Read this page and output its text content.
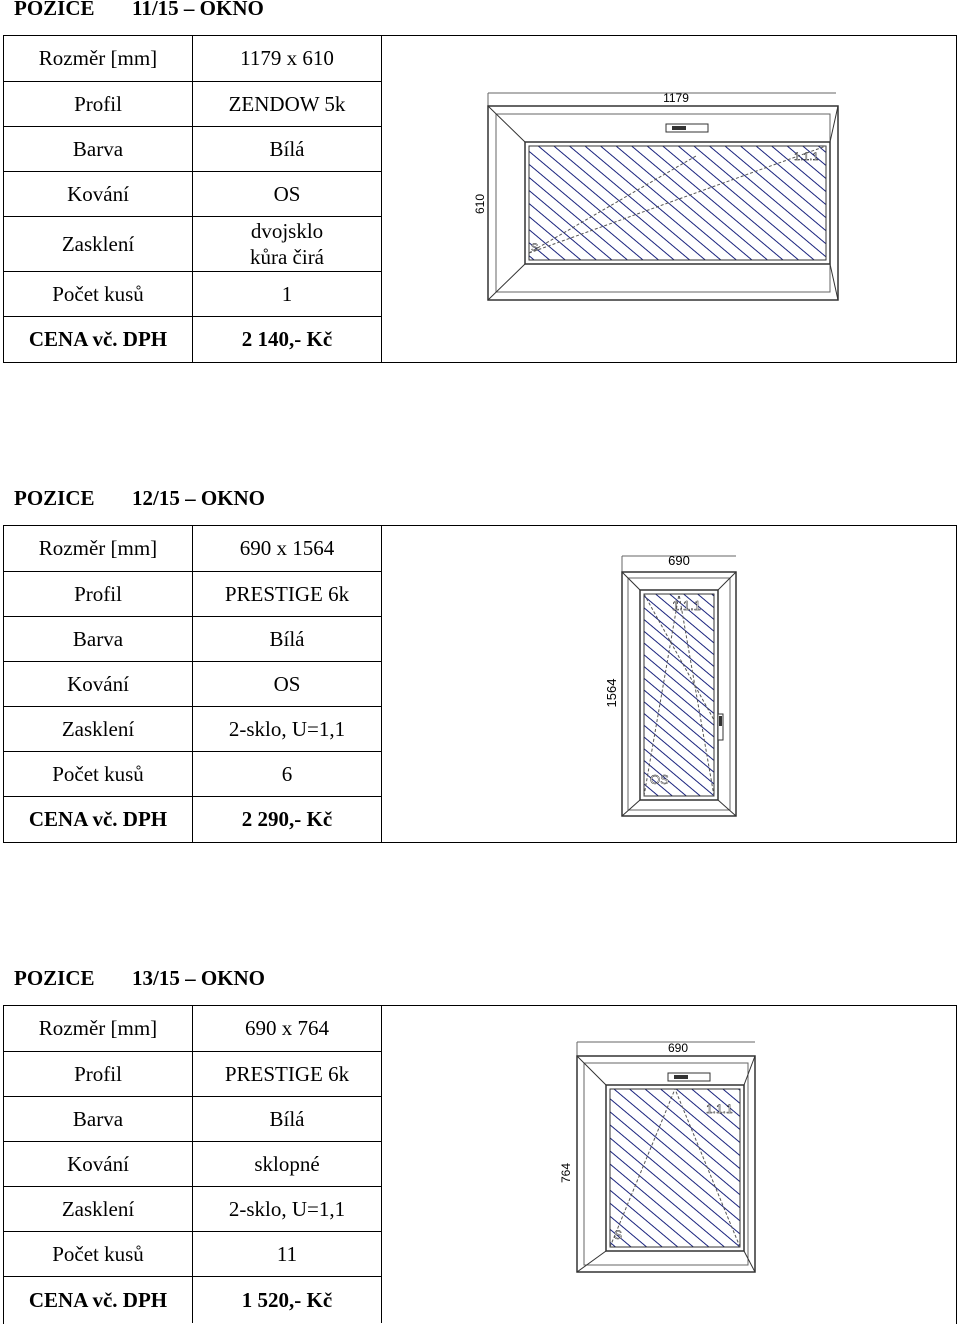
POZICE 11/15 – OKNO
Rozměr [mm]	1179 x 610
Profil	ZENDOW 5k
Barva	Bílá
Kování	OS
Zasklení	dvojsklo
kůra čirá

Počet kusů	1
CENA vč. DPH	2 140,- Kč
1179
610
1.1.1
S
POZICE 12/15 – OKNO
Rozměr [mm]	690 x 1564
Profil	PRESTIGE 6k
Barva	Bílá
Kování	OS
Zasklení	2-sklo, U=1,1
Počet kusů	6
CENA vč. DPH	2 290,- Kč
690
1564
1.1.1
OS
POZICE 13/15 – OKNO
Rozměr [mm]	690 x 764
Profil	PRESTIGE 6k
Barva	Bílá
Kování	sklopné
Zasklení	2-sklo, U=1,1
Počet kusů	11
CENA vč. DPH	1 520,- Kč
690
764
1.1.1
S
